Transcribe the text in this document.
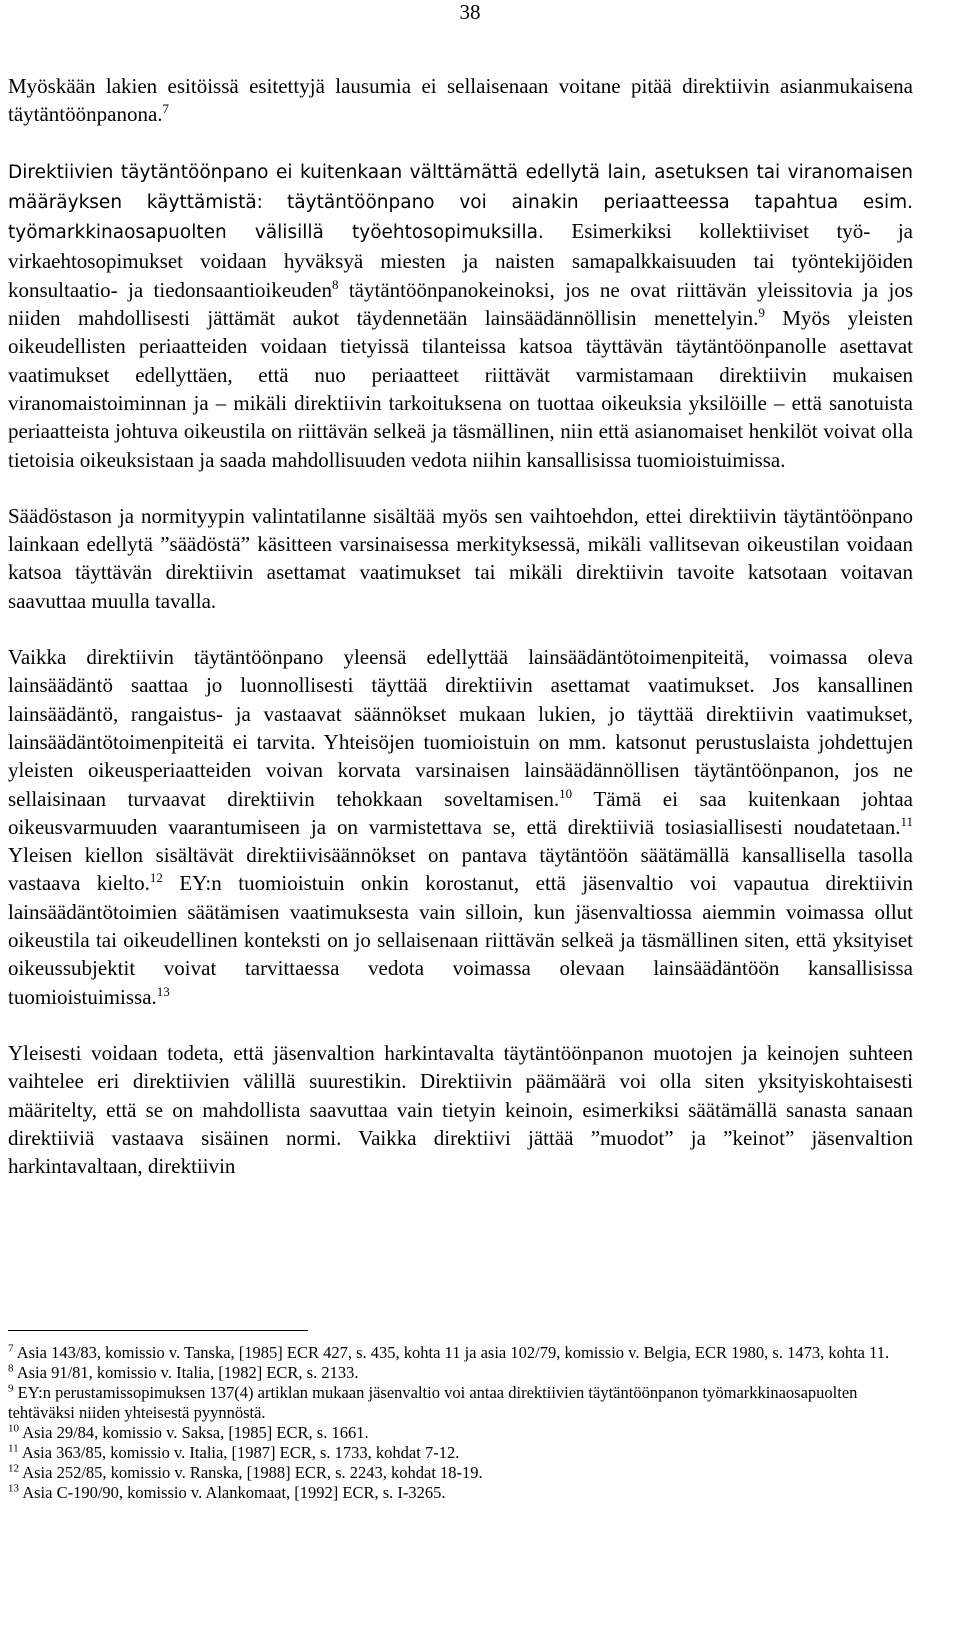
38

Myöskään lakien esitöissä esitettyjä lausumia ei sellaisenaan voitane pitää direktiivin asianmukaisena täytäntöönpanona.$^7$

Direktiivien täytäntöönpano ei kuitenkaan välttämättä edellytä lain, asetuksen tai viranomaisen määräyksen käyttämistä: täytäntöönpano voi ainakin periaatteessa tapahtua esim. työmarkkinaosapuolten välisillä työehtosopimuksilla. Esimerkiksi kollektiiviset työ- ja virkaehtosopimukset voidaan hyväksyä miesten ja naisten samapalkkaisuuden tai työntekijöiden konsultaatio- ja tiedonsaantioikeuden$^8$ täytäntöönpanokeinoksi, jos ne ovat riittävän yleissitovia ja jos niiden mahdollisesti jättämät aukot täydennetään lainsäädännöllisin menettelyin.$^9$ Myös yleisten oikeudellisten periaatteiden voidaan tietyissä tilanteissa katsoa täyttävän täytäntöönpanolle asettavat vaatimukset edellyttäen, että nuo periaatteet riittävät varmistamaan direktiivin mukaisen viranomaistoiminnan ja – mikäli direktiivin tarkoituksena on tuottaa oikeuksia yksilöille – että sanotuista periaatteista johtuva oikeustila on riittävän selkeä ja täsmällinen, niin että asianomaiset henkilöt voivat olla tietoisia oikeuksistaan ja saada mahdollisuuden vedota niihin kansallisissa tuomioistuimissa.

Säädöstason ja normityypin valintatilanne sisältää myös sen vaihtoehdon, ettei direktiivin täytäntöönpano lainkaan edellytä ”säädöstä” käsitteen varsinaisessa merkityksessä, mikäli vallitsevan oikeustilan voidaan katsoa täyttävän direktiivin asettamat vaatimukset tai mikäli direktiivin tavoite katsotaan voitavan saavuttaa muulla tavalla.

Vaikka direktiivin täytäntöönpano yleensä edellyttää lainsäädäntötoimenpiteitä, voimassa oleva lainsäädäntö saattaa jo luonnollisesti täyttää direktiivin asettamat vaatimukset. Jos kansallinen lainsäädäntö, rangaistus- ja vastaavat säännökset mukaan lukien, jo täyttää direktiivin vaatimukset, lainsäädäntötoimenpiteitä ei tarvita. Yhteisöjen tuomioistuin on mm. katsonut perustuslaista johdettujen yleisten oikeusperiaatteiden voivan korvata varsinaisen lainsäädännöllisen täytäntöönpanon, jos ne sellaisinaan turvaavat direktiivin tehokkaan soveltamisen.$^{10}$ Tämä ei saa kuitenkaan johtaa oikeusvarmuuden vaarantumiseen ja on varmistettava se, että direktiiviä tosiasiallisesti noudatetaan.$^{11}$ Yleisen kiellon sisältävät direktiivisäännökset on pantava täytäntöön säätämällä kansallisella tasolla vastaava kielto.$^{12}$ EY:n tuomioistuin onkin korostanut, että jäsenvaltio voi vapautua direktiivin lainsäädäntötoimien säätämisen vaatimuksesta vain silloin, kun jäsenvaltiossa aiemmin voimassa ollut oikeustila tai oikeudellinen konteksti on jo sellaisenaan riittävän selkeä ja täsmällinen siten, että yksityiset oikeussubjektit voivat tarvittaessa vedota voimassa olevaan lainsäädäntöön kansallisissa tuomioistuimissa.$^{13}$

Yleisesti voidaan todeta, että jäsenvaltion harkintavalta täytäntöönpanon muotojen ja keinojen suhteen vaihtelee eri direktiivien välillä suurestikin. Direktiivin päämäärä voi olla siten yksityiskohtaisesti määritelty, että se on mahdollista saavuttaa vain tietyin keinoin, esimerkiksi säätämällä sanasta sanaan direktiiviä vastaava sisäinen normi. Vaikka direktiivi jättää ”muodot” ja ”keinot” jäsenvaltion harkintavaltaan, direktiivin

$^7$ Asia 143/83, komissio v. Tanska, [1985] ECR 427, s. 435, kohta 11 ja asia 102/79, komissio v. Belgia, ECR 1980, s. 1473, kohta 11.

$^8$ Asia 91/81, komissio v. Italia, [1982] ECR, s. 2133.

$^9$ EY:n perustamissopimuksen 137(4) artiklan mukaan jäsenvaltio voi antaa direktiivien täytäntöönpanon työmarkkinaosapuolten tehtäväksi niiden yhteisestä pyynnöstä.

$^{10}$ Asia 29/84, komissio v. Saksa, [1985] ECR, s. 1661.

$^{11}$ Asia 363/85, komissio v. Italia, [1987] ECR, s. 1733, kohdat 7-12.

$^{12}$ Asia 252/85, komissio v. Ranska, [1988] ECR, s. 2243, kohdat 18-19.

$^{13}$ Asia C-190/90, komissio v. Alankomaat, [1992] ECR, s. I-3265.
